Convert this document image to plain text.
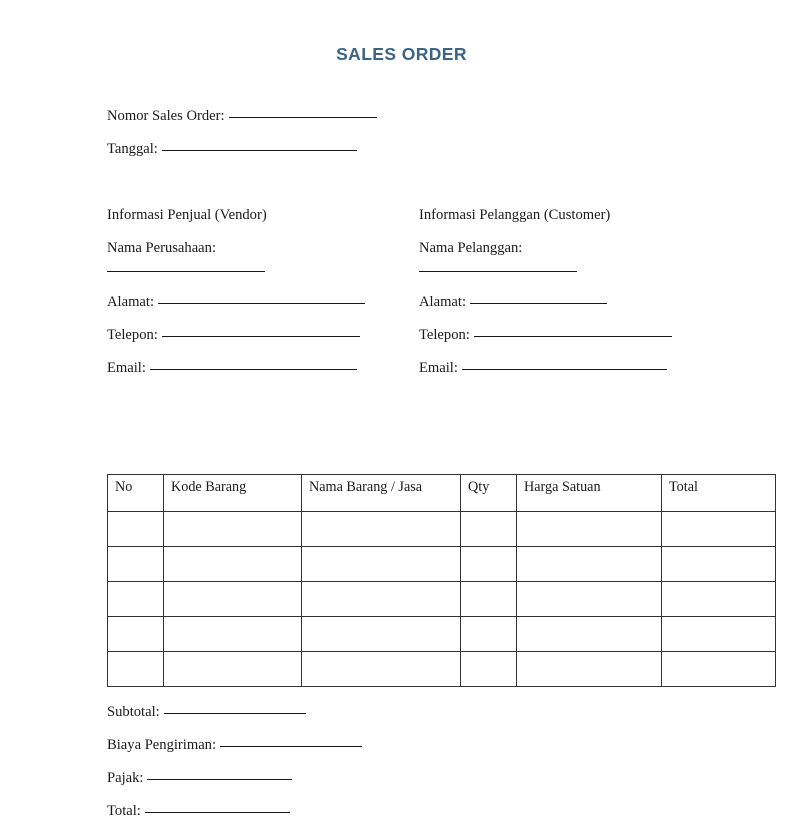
SALES ORDER
Nomor Sales Order:
Tanggal:
Informasi Penjual (Vendor)
Nama Perusahaan:
Alamat:
Telepon:
Email:
Informasi Pelanggan (Customer)
Nama Pelanggan:
Alamat:
Telepon:
Email:
No	Kode Barang	Nama Barang / Jasa	Qty	Harga Satuan	Total

Subtotal:
Biaya Pengiriman:
Pajak:
Total:
